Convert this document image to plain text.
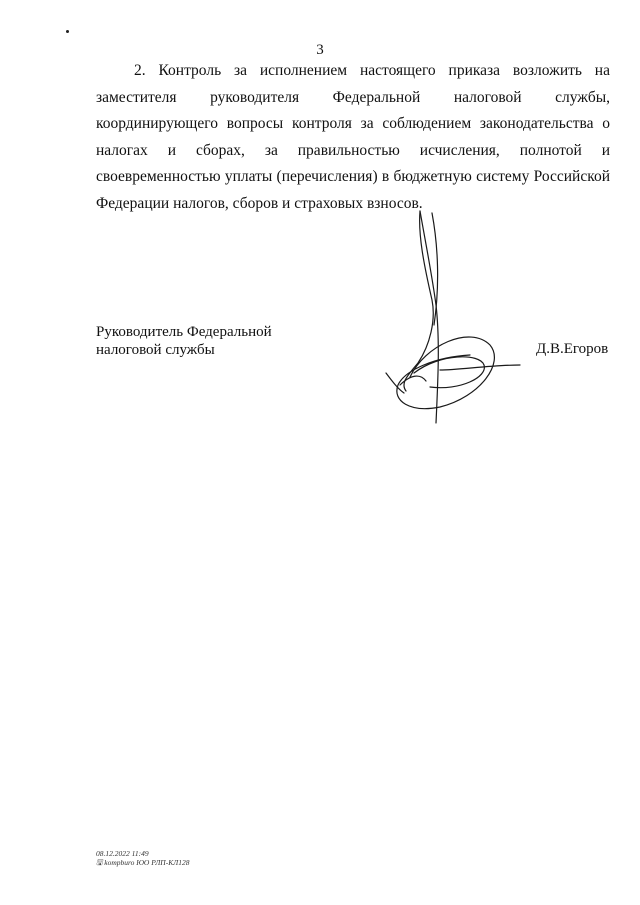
3

2. Контроль за исполнением настоящего приказа возложить на заместителя руководителя Федеральной налоговой службы, координирующего вопросы контроля за соблюдением законодательства о налогах и сборах, за правильностью исчисления, полнотой и своевременностью уплаты (перечисления) в бюджетную систему Российской Федерации налогов, сборов и страховых взносов.

Руководитель Федеральной
налоговой службы	Д.В.Егоров
08.12.2022 11:49
🖫 kompburo ЮО РЛП-КЛ128
